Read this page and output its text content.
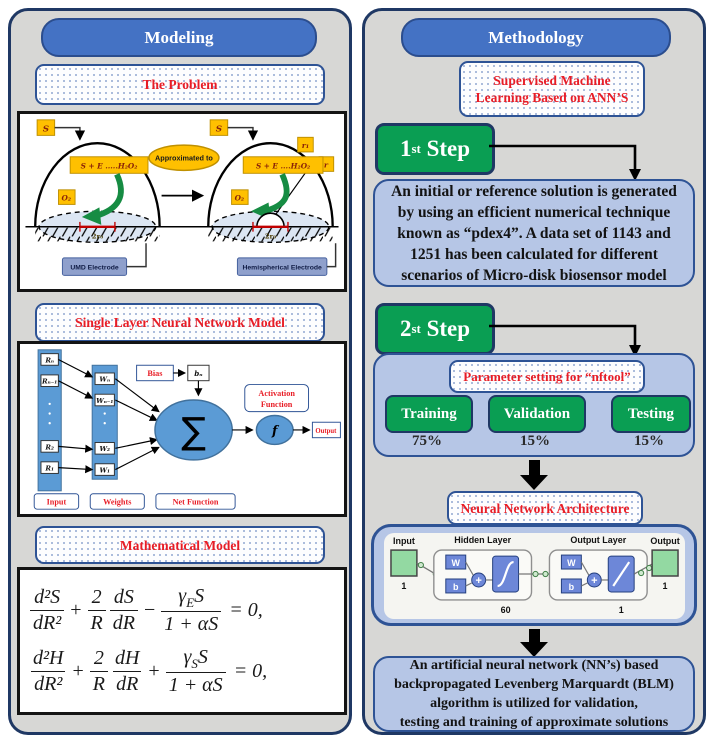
Modeling
The Problem
S
S + E .....H₂O₂
O₂
2r₀
UMD Electrode
Approximated to
S
r₁
r
S + E ....H₂O₂
O₂
2r₀
Hemispherical Electrode
Single Layer Neural Network Model
Rₙ
Rₙ₋₁
R₂
R₁
Wₙ
Wₙ₋₁
W₂
W₁
Bias	bₙ
∑
Activation
Function
f	Output
Input	Weights	Net Function
Mathematical Model
$\frac{\text{d²S}}{\text{dR²}} + \frac{2}{R} \frac{dS}{dR} - \frac{\gamma_ES}{1 + \alpha S} = 0$,
$\frac{\text{d²H}}{\text{dR²}} + \frac{2}{R} \frac{dH}{dR} + \frac{\gamma_SS}{1 + \alpha S} = 0$,
Methodology
Supervised Machine
Learning Based on ANN’S
1 st
Step
An initial or reference solution is generated
by using an efficient numerical technique
known as “pdex4”. A data set of 1143 and
1251 has been calculated for different
scenarios of Micro-disk biosensor model
2 st
Step
Parameter setting for “nftool”
Training	Validation	Testing
75%	15%	15%
Neural Network Architecture
Input
1
Hidden Layer
W
b +
60
Output Layer
W
b +
1
Output
1
An artificial neural network (NN’s) based
backpropagated Levenberg Marquardt (BLM)
algorithm is utilized for validation,
testing and training of approximate solutions
